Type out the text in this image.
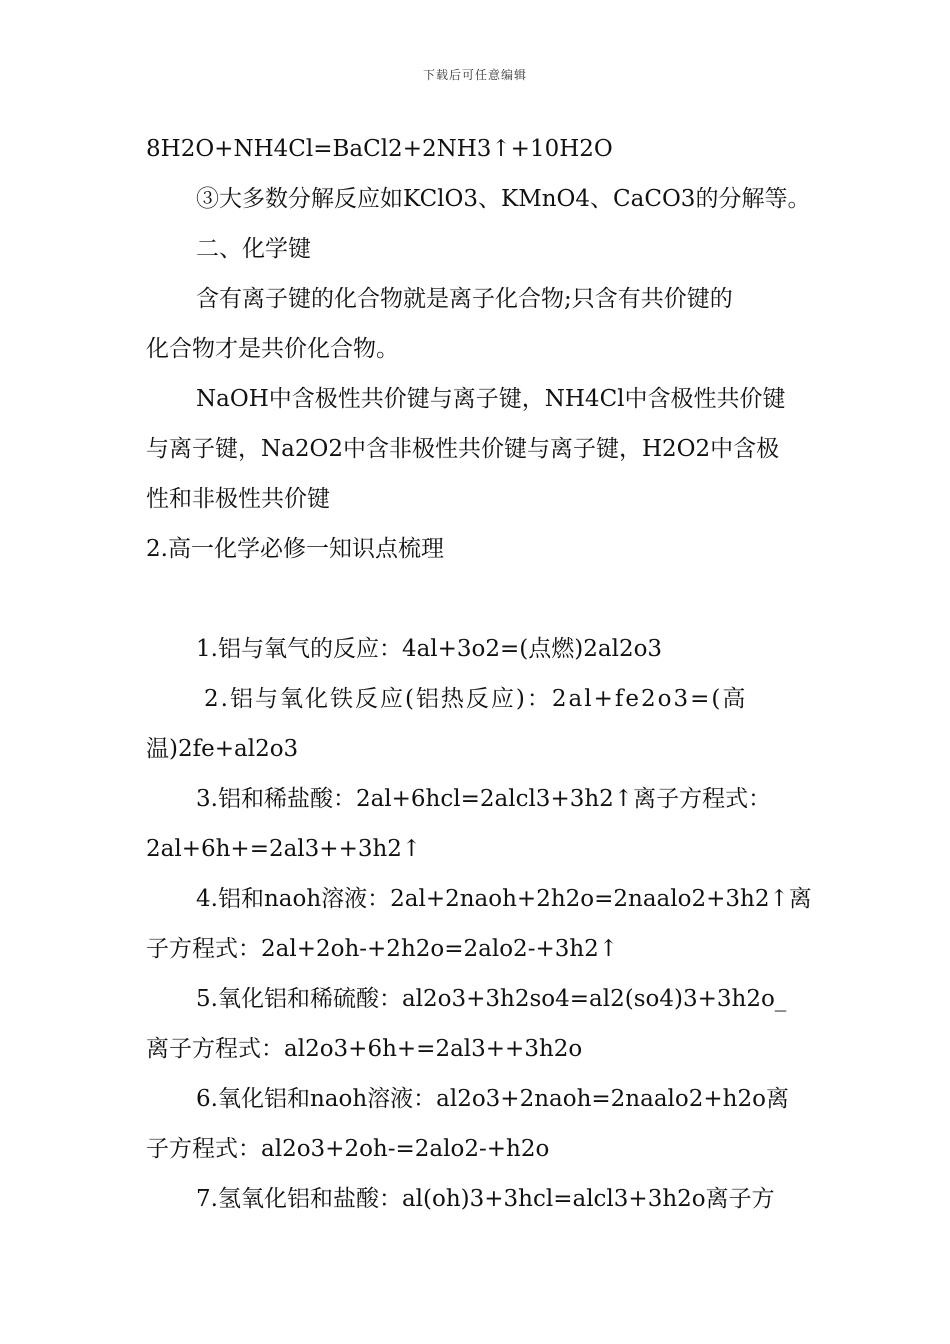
下载后可任意编辑
8H2O+NH4Cl=BaCl2+2NH3↑+10H2O
③大多数分解反应如KClO3、KMnO4、CaCO3的分解等。
二、化学键
含有离子键的化合物就是离子化合物;只含有共价键的
化合物才是共价化合物。
NaOH中含极性共价键与离子键，NH4Cl中含极性共价键
与离子键，Na2O2中含非极性共价键与离子键，H2O2中含极
性和非极性共价键
2.高一化学必修一知识点梳理
1.铝与氧气的反应：4al+3o2=(点燃)2al2o3
2.铝与氧化铁反应(铝热反应)：2al+fe2o3=(高
温)2fe+al2o3
3.铝和稀盐酸：2al+6hcl=2alcl3+3h2↑离子方程式：
2al+6h+=2al3++3h2↑
4.铝和naoh溶液：2al+2naoh+2h2o=2naalo2+3h2↑离
子方程式：2al+2oh-+2h2o=2alo2-+3h2↑
5.氧化铝和稀硫酸：al2o3+3h2so4=al2(so4)3+3h2o_
离子方程式：al2o3+6h+=2al3++3h2o
6.氧化铝和naoh溶液：al2o3+2naoh=2naalo2+h2o离
子方程式：al2o3+2oh-=2alo2-+h2o
7.氢氧化铝和盐酸：al(oh)3+3hcl=alcl3+3h2o离子方
